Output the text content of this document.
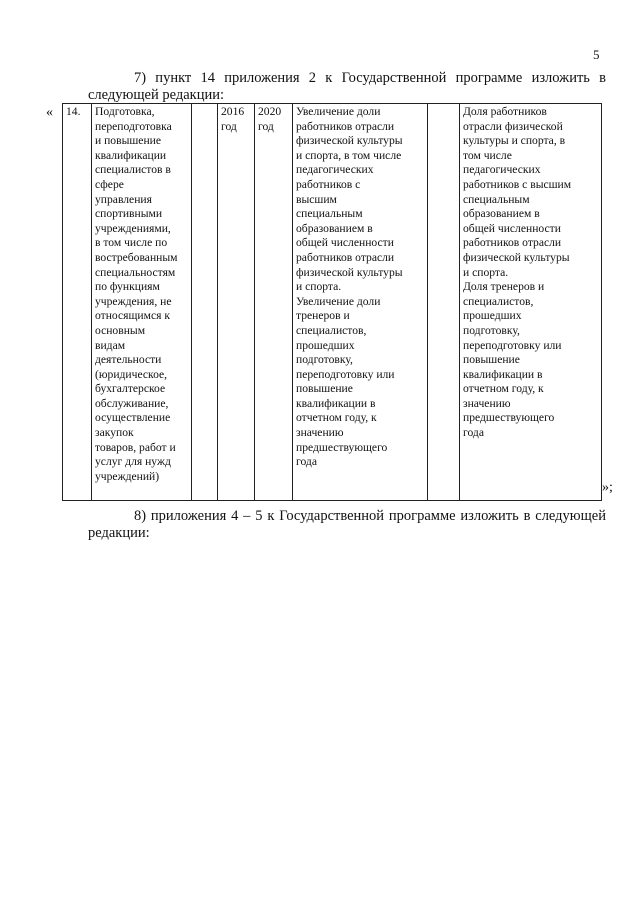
5
7) пункт 14 приложения 2 к Государственной программе изложить в следующей редакции:
« 14.	Подготовка,
переподготовка
и повышение
квалификации
специалистов в
сфере
управления
спортивными
учреждениями,
в том числе по
востребованным
специальностям
по функциям
учреждения, не
относящимся к
основным
видам
деятельности
(юридическое,
бухгалтерское
обслуживание,
осуществление
закупок
товаров, работ и
услуг для нужд
учреждений)		2016
год	2020
год	Увеличение доли
работников отрасли
физической культуры
и спорта, в том числе
педагогических
работников с
высшим
специальным
образованием в
общей численности
работников отрасли
физической культуры
и спорта.
Увеличение доли
тренеров и
специалистов,
прошедших
подготовку,
переподготовку или
повышение
квалификации в
отчетном году, к
значению
предшествующего
года		Доля работников
отрасли физической
культуры и спорта, в
том числе
педагогических
работников с высшим
специальным
образованием в
общей численности
работников отрасли
физической культуры
и спорта.
Доля тренеров и
специалистов,
прошедших
подготовку,
переподготовку или
повышение
квалификации в
отчетном году, к
значению
предшествующего
года
»;
8) приложения 4 – 5 к Государственной программе изложить в следующей редакции:
